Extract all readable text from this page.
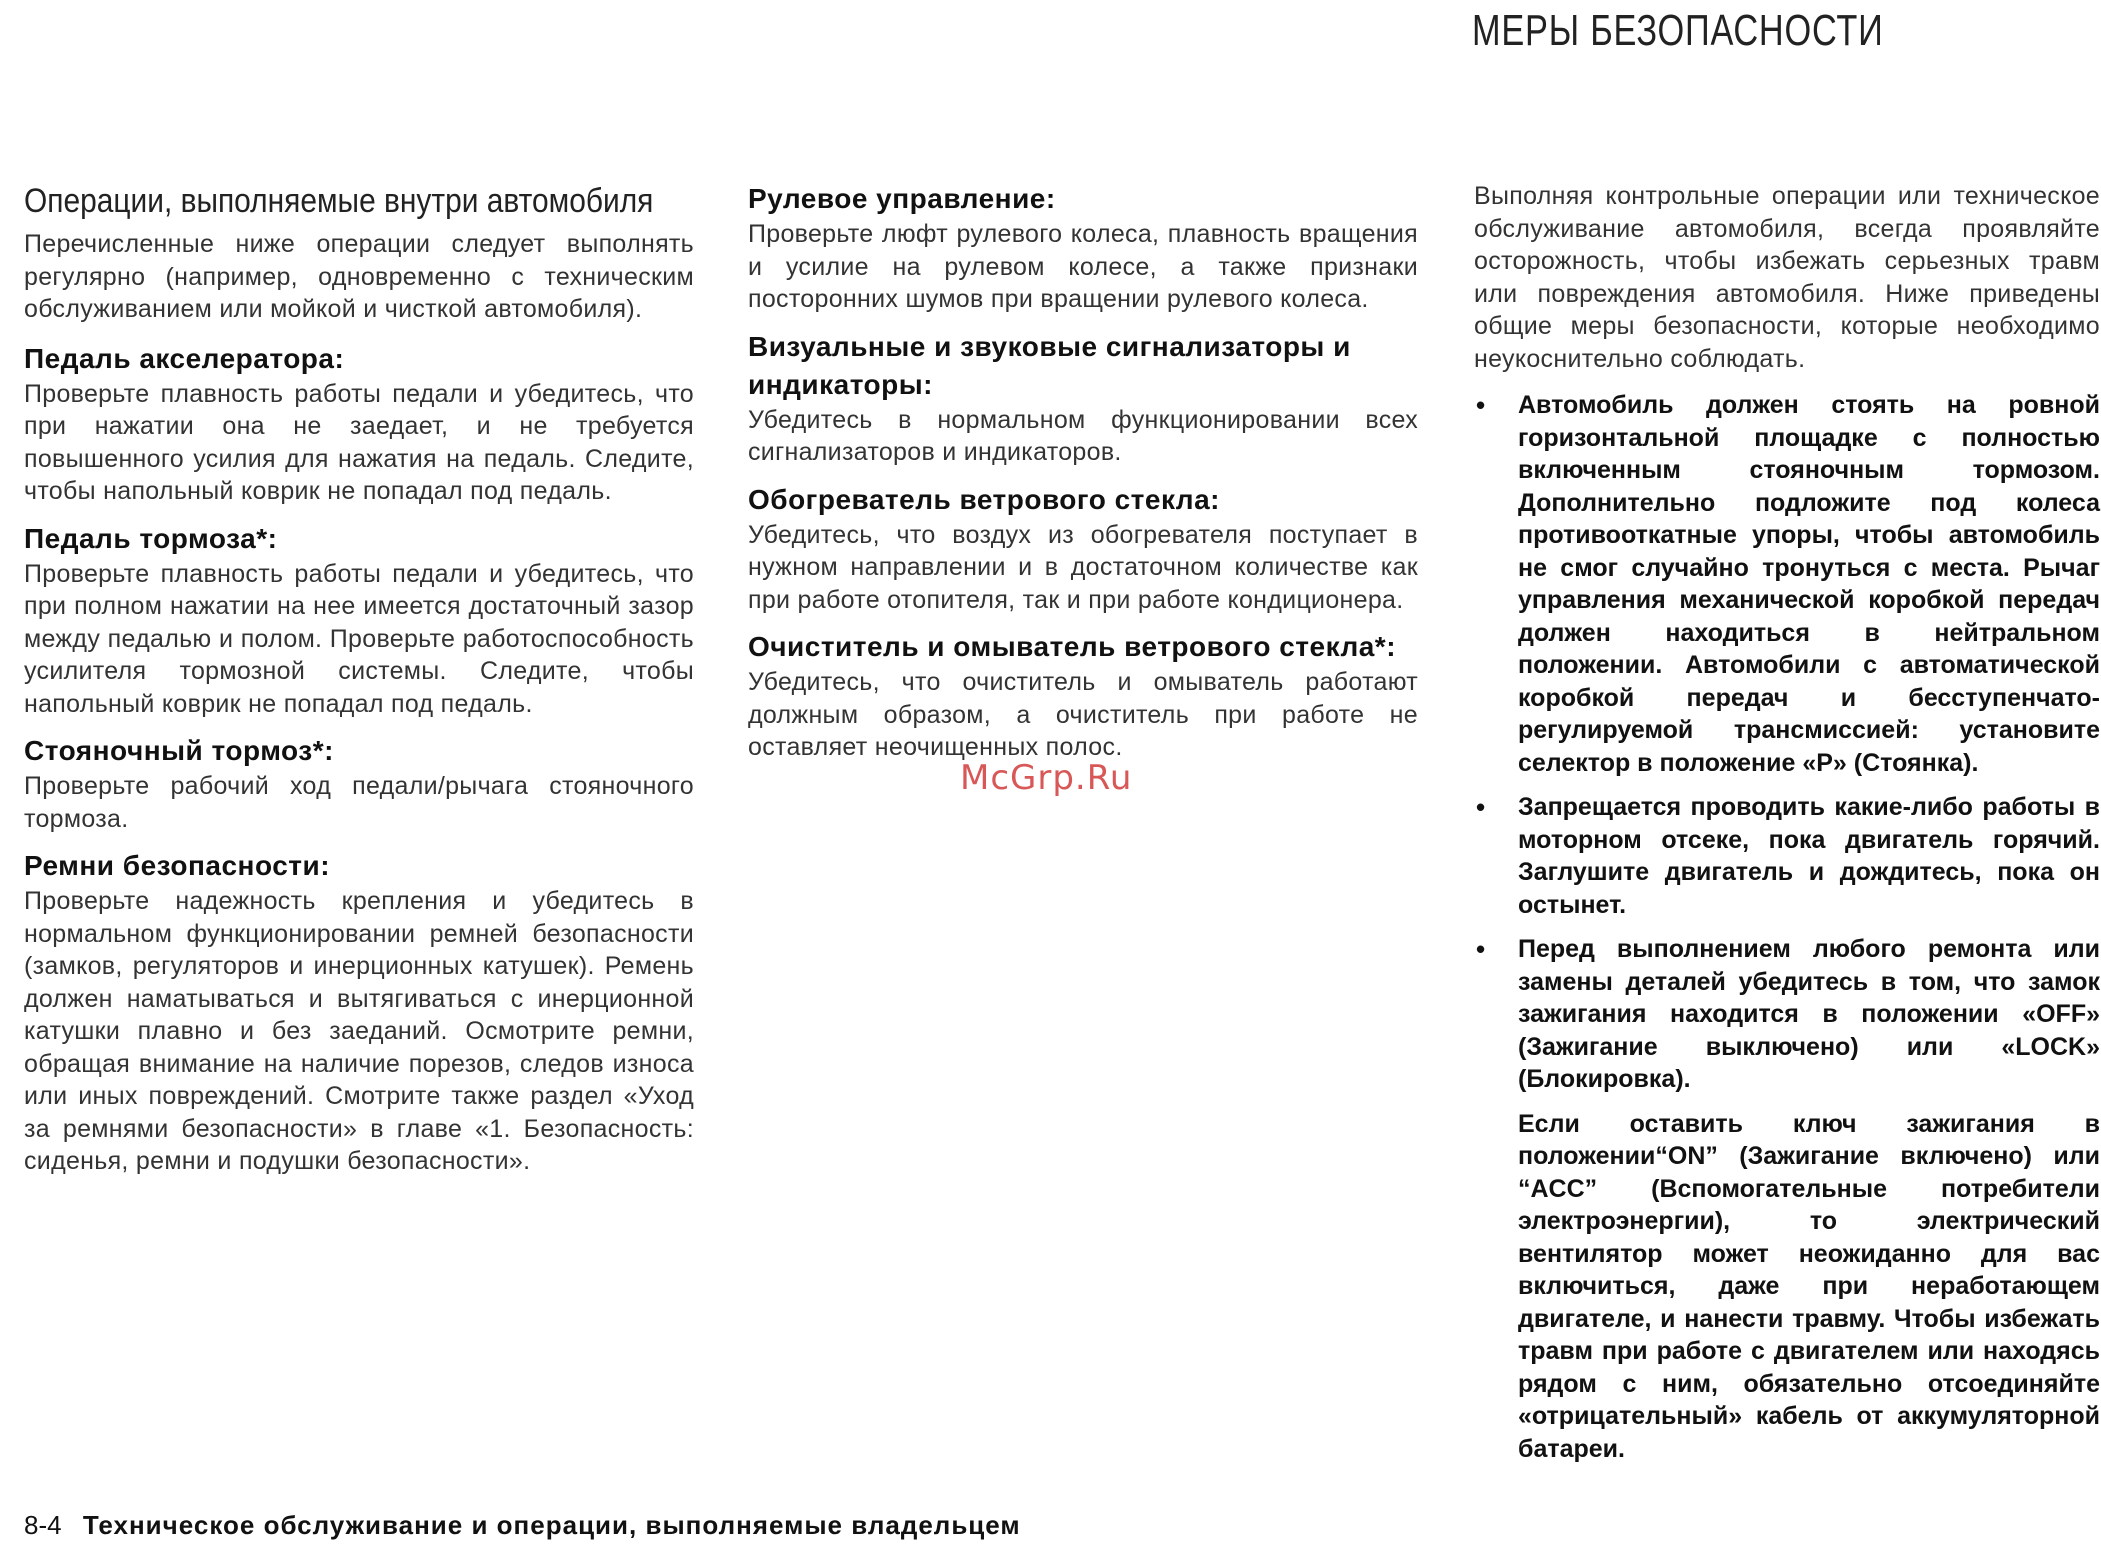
МЕРЫ БЕЗОПАСНОСТИ
Операции, выполняемые внутри автомобиля

Перечисленные ниже операции следует выполнять регулярно (например, одновременно с техническим обслуживанием или мойкой и чисткой автомобиля).

Педаль акселератора:

Проверьте плавность работы педали и убедитесь, что при нажатии она не заедает, и не требуется повышенного усилия для нажатия на педаль. Следите, чтобы напольный коврик не попадал под педаль.

Педаль тормоза*:

Проверьте плавность работы педали и убедитесь, что при полном нажатии на нее имеется достаточный зазор между педалью и полом. Проверьте работоспособность усилителя тормозной системы. Следите, чтобы напольный коврик не попадал под педаль.

Стояночный тормоз*:

Проверьте рабочий ход педали/рычага стояночного тормоза.

Ремни безопасности:

Проверьте надежность крепления и убедитесь в нормальном функционировании ремней безопасности (замков, регуляторов и инерционных катушек). Ремень должен наматываться и вытягиваться с инерционной катушки плавно и без заеданий. Осмотрите ремни, обращая внимание на наличие порезов, следов износа или иных повреждений. Смотрите также раздел «Уход за ремнями безопасности» в главе «1. Безопасность: сиденья, ремни и подушки безопасности».

Рулевое управление:

Проверьте люфт рулевого колеса, плавность вращения и усилие на рулевом колесе, а также признаки посторонних шумов при вращении рулевого колеса.

Визуальные и звуковые сигнализаторы и индикаторы:

Убедитесь в нормальном функционировании всех сигнализаторов и индикаторов.

Обогреватель ветрового стекла:

Убедитесь, что воздух из обогревателя поступает в нужном направлении и в достаточном количестве как при работе отопителя, так и при работе кондиционера.

Очиститель и омыватель ветрового стекла*:

Убедитесь, что очиститель и омыватель работают должным образом, а очиститель при работе не оставляет неочищенных полос.

Выполняя контрольные операции или техническое обслуживание автомобиля, всегда проявляйте осторожность, чтобы избежать серьезных травм или повреждения автомобиля. Ниже приведены общие меры безопасности, которые необходимо неукоснительно соблюдать.

• Автомобиль должен стоять на ровной горизонтальной площадке с полностью включенным стояночным тормозом. Дополнительно подложите под колеса противооткатные упоры, чтобы автомобиль не смог случайно тронуться с места. Рычаг управления механической коробкой передач должен находиться в нейтральном положении. Автомобили с автоматической коробкой передач и бесступенчато-регулируемой трансмиссией: установите селектор в положение «P» (Стоянка).
• Запрещается проводить какие-либо работы в моторном отсеке, пока двигатель горячий. Заглушите двигатель и дождитесь, пока он остынет.
• Перед выполнением любого ремонта или замены деталей убедитесь в том, что замок зажигания находится в положении «OFF» (Зажигание выключено) или «LOCK» (Блокировка).
Если оставить ключ зажигания в положении“ON” (Зажигание включено) или “ACC” (Вспомогательные потребители электроэнергии), то электрический вентилятор может неожиданно для вас включиться, даже при неработающем двигателе, и нанести травму. Чтобы избежать травм при работе с двигателем или находясь рядом с ним, обязательно отсоединяйте «отрицательный» кабель от аккумуляторной батареи.
McGrp.Ru
8-4 Техническое обслуживание и операции, выполняемые владельцем
